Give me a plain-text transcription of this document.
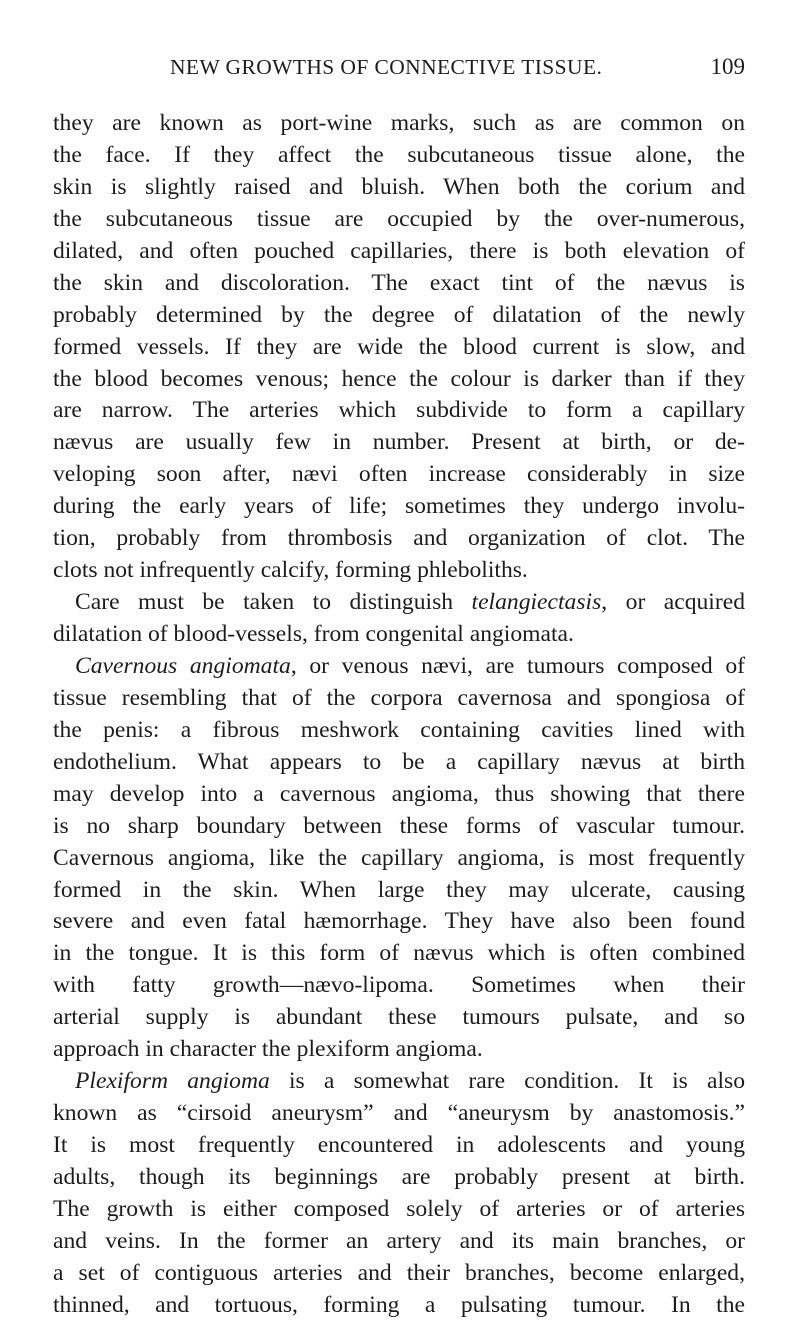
NEW GROWTHS OF CONNECTIVE TISSUE.	109
they are known as port-wine marks, such as are common on
the face. If they affect the subcutaneous tissue alone, the
skin is slightly raised and bluish. When both the corium and
the subcutaneous tissue are occupied by the over-numerous,
dilated, and often pouched capillaries, there is both elevation of
the skin and discoloration. The exact tint of the nævus is
probably determined by the degree of dilatation of the newly
formed vessels. If they are wide the blood current is slow, and
the blood becomes venous; hence the colour is darker than if they
are narrow. The arteries which subdivide to form a capillary
nævus are usually few in number. Present at birth, or de-
veloping soon after, nævi often increase considerably in size
during the early years of life; sometimes they undergo involu-
tion, probably from thrombosis and organization of clot. The
clots not infrequently calcify, forming phleboliths.
Care must be taken to distinguish telangiectasis, or acquired
dilatation of blood-vessels, from congenital angiomata.
Cavernous angiomata, or venous nævi, are tumours composed of
tissue resembling that of the corpora cavernosa and spongiosa of
the penis: a fibrous meshwork containing cavities lined with
endothelium. What appears to be a capillary nævus at birth
may develop into a cavernous angioma, thus showing that there
is no sharp boundary between these forms of vascular tumour.
Cavernous angioma, like the capillary angioma, is most frequently
formed in the skin. When large they may ulcerate, causing
severe and even fatal hæmorrhage. They have also been found
in the tongue. It is this form of nævus which is often combined
with fatty growth—nævo-lipoma. Sometimes when their
arterial supply is abundant these tumours pulsate, and so
approach in character the plexiform angioma.
Plexiform angioma is a somewhat rare condition. It is also
known as “cirsoid aneurysm” and “aneurysm by anastomosis.”
It is most frequently encountered in adolescents and young
adults, though its beginnings are probably present at birth.
The growth is either composed solely of arteries or of arteries
and veins. In the former an artery and its main branches, or
a set of contiguous arteries and their branches, become enlarged,
thinned, and tortuous, forming a pulsating tumour. In the
